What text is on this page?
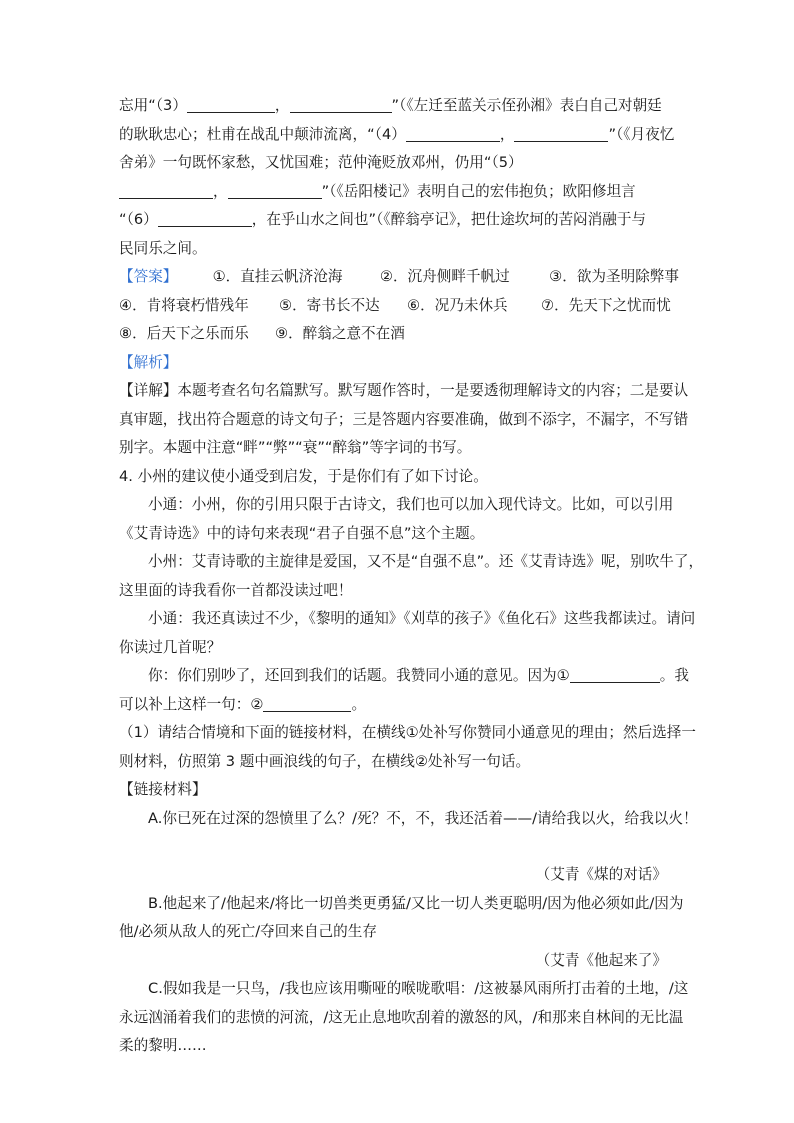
忘用“（3）	，	”（《左迁至蓝关示侄孙湘》表白自己对朝廷
的耿耿忠心；杜甫在战乱中颠沛流离，“（4）	，	”（《月夜忆
舍弟》一句既怀家愁，又忧国难；范仲淹贬放邓州，仍用“（5）
，	”（《岳阳楼记》表明自己的宏伟抱负；欧阳修坦言
“（6）	，在乎山水之间也”（《醉翁亭记》，把仕途坎坷的苦闷消融于与
民同乐之间。
【答案】	①．直挂云帆济沧海	②．沉舟侧畔千帆过	③．欲为圣明除弊事
④．肯将衰朽惜残年	⑤．寄书长不达	⑥．况乃未休兵	⑦．先天下之忧而忧
⑧．后天下之乐而乐	⑨．醉翁之意不在酒
【解析】
【详解】本题考查名句名篇默写。默写题作答时，一是要透彻理解诗文的内容；二是要认
真审题，找出符合题意的诗文句子；三是答题内容要准确，做到不添字，不漏字，不写错
别字。本题中注意“畔”“弊”“衰”“醉翁”等字词的书写。
4. 小州的建议使小通受到启发，于是你们有了如下讨论。
小通：小州，你的引用只限于古诗文，我们也可以加入现代诗文。比如，可以引用
《艾青诗选》中的诗句来表现“君子自强不息”这个主题。
小州：艾青诗歌的主旋律是爱国，又不是“自强不息”。还《艾青诗选》呢，别吹牛了，
这里面的诗我看你一首都没读过吧！
小通：我还真读过不少，《黎明的通知》《刈草的孩子》《鱼化石》这些我都读过。请问
你读过几首呢？
你：你们别吵了，还回到我们的话题。我赞同小通的意见。因为①	。我
可以补上这样一句：②	。
（1）请结合情境和下面的链接材料，在横线①处补写你赞同小通意见的理由；然后选择一
则材料，仿照第 3 题中画浪线的句子，在横线②处补写一句话。
【链接材料】
A.你已死在过深的怨愤里了么？/死？不，不，我还活着——/请给我以火，给我以火！
（艾青《煤的对话》
B.他起来了/他起来/将比一切兽类更勇猛/又比一切人类更聪明/因为他必须如此/因为
他/必须从敌人的死亡/夺回来自己的生存
（艾青《他起来了》
C.假如我是一只鸟，/我也应该用嘶哑的喉咙歌唱：/这被暴风雨所打击着的土地，/这
永远汹涌着我们的悲愤的河流，/这无止息地吹刮着的激怒的风，/和那来自林间的无比温
柔的黎明……
